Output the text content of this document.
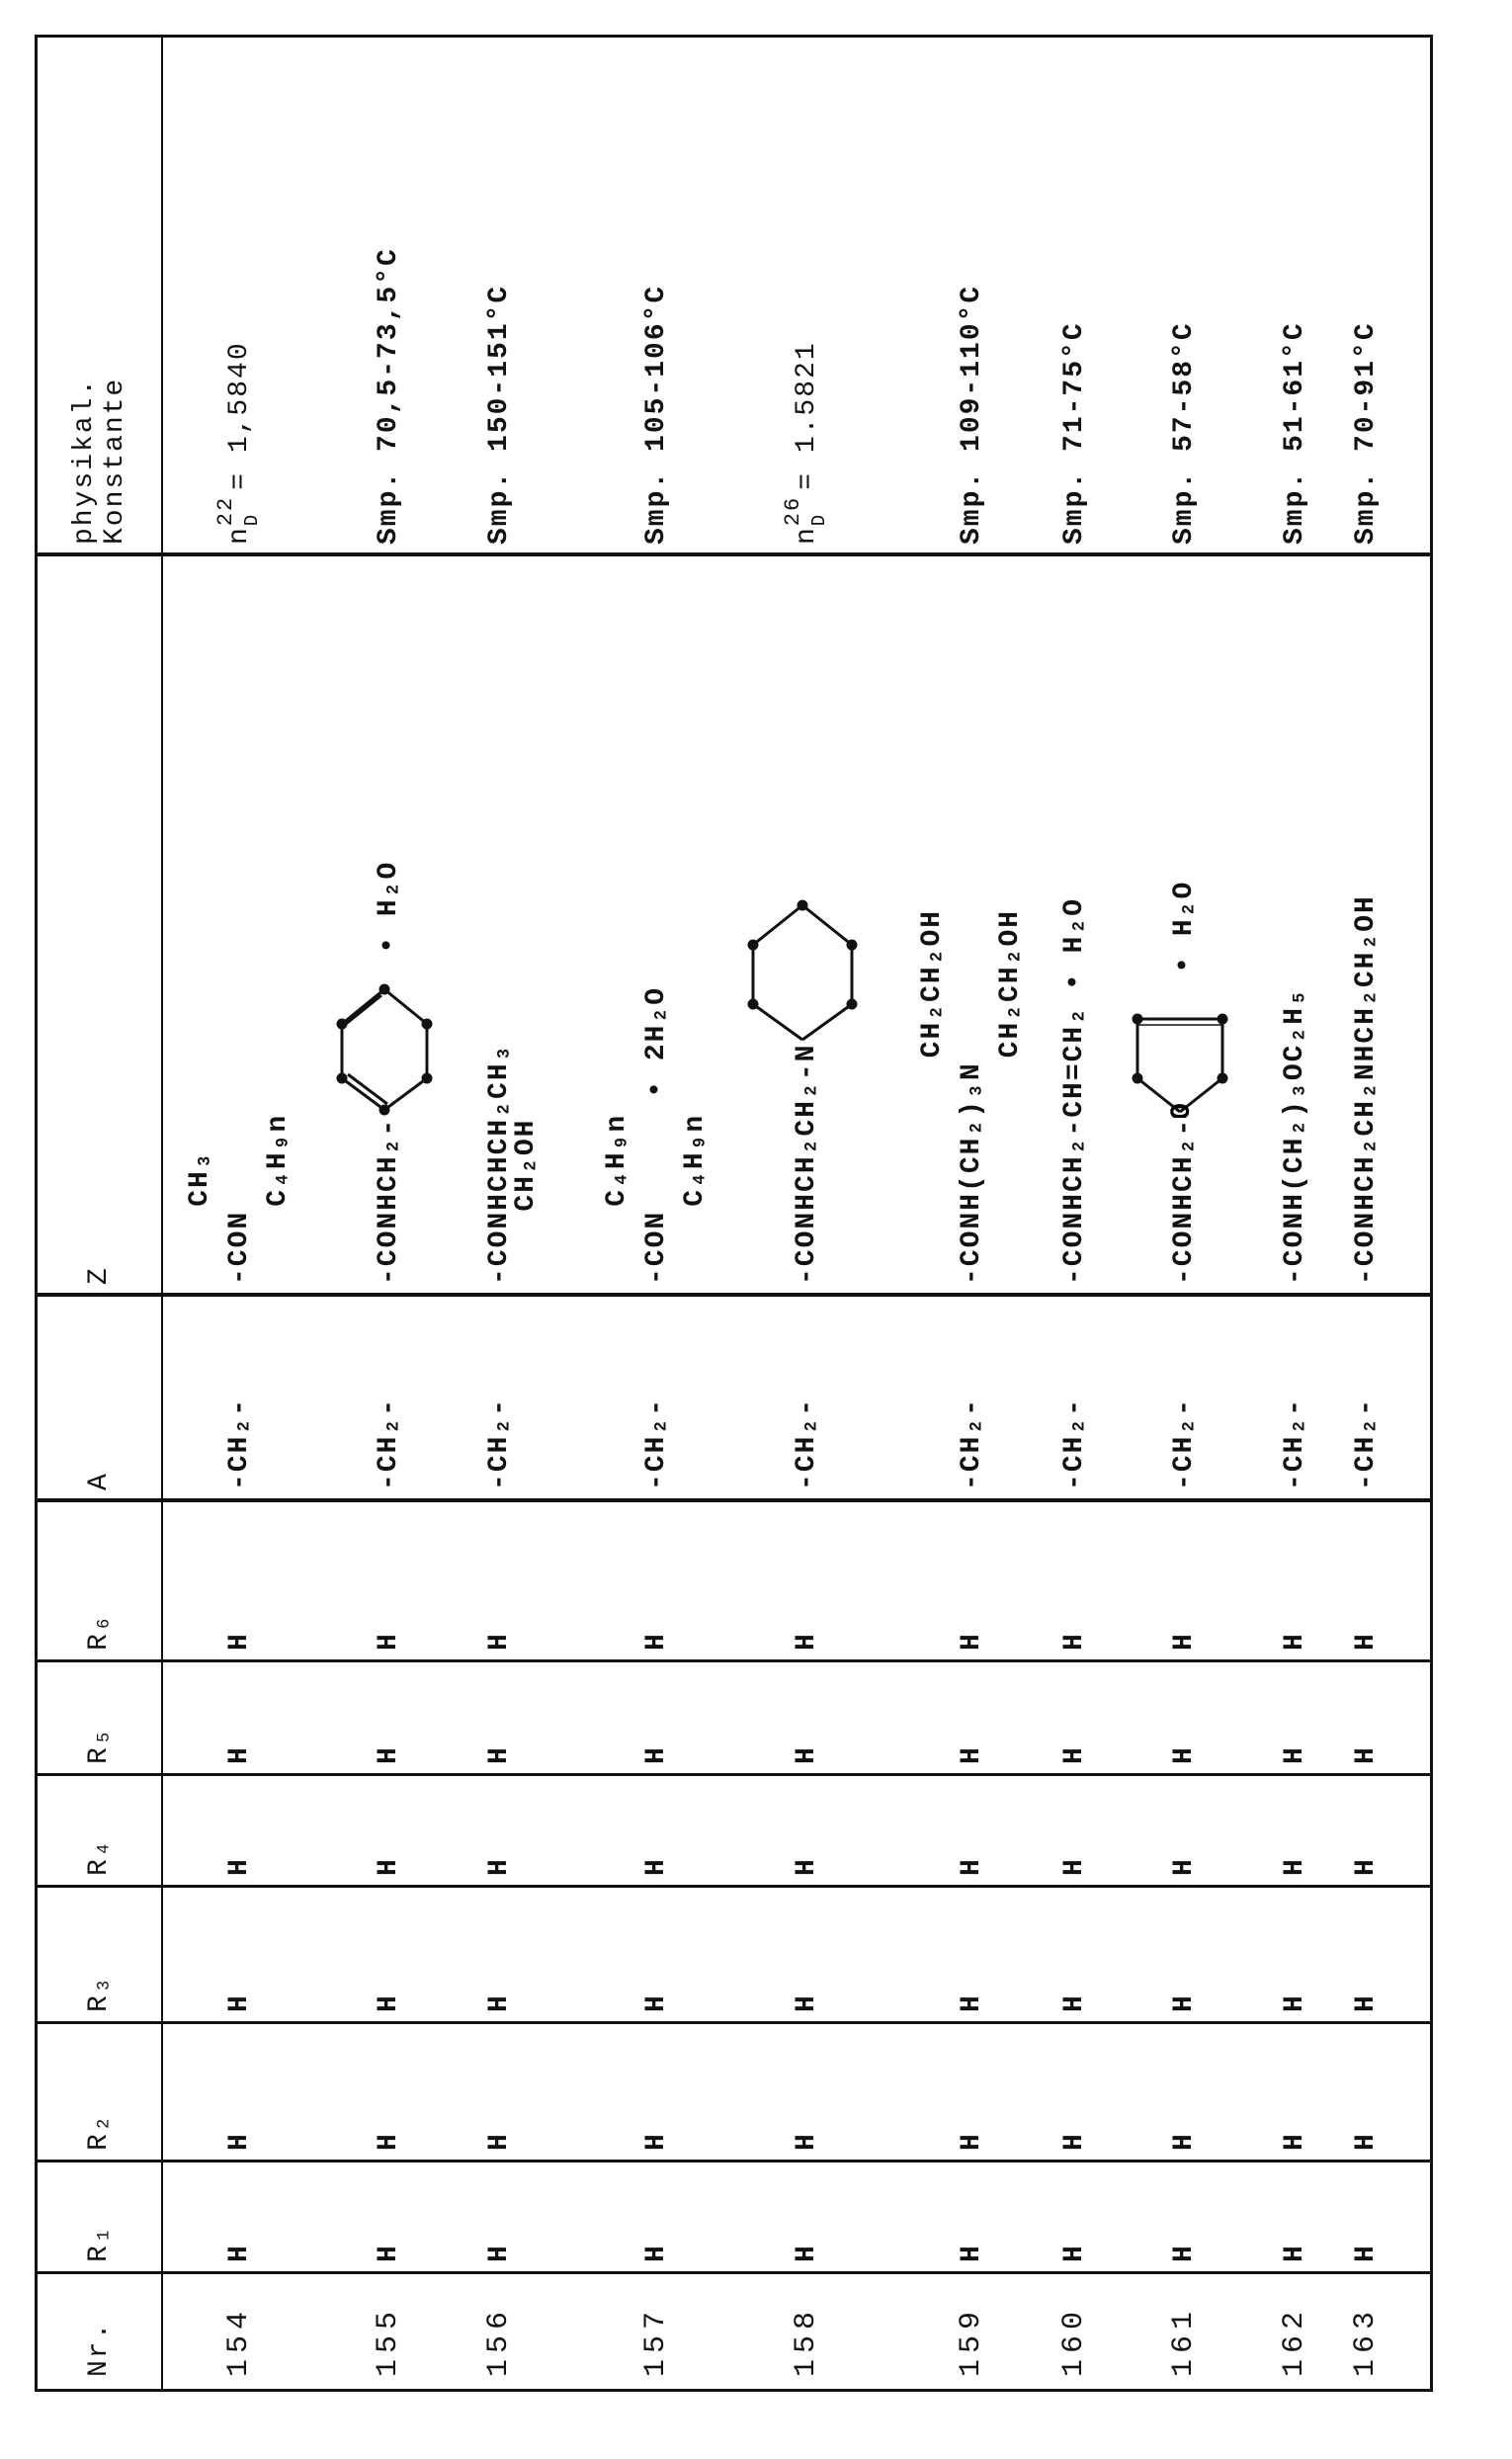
Nr.
R₁
R₂
R₃
R₄
R₅
R₆
A
Z
physikal. Konstante
154
H
H
H
H
H
H
-CH₂-
-CON
CH₃ C₄H₉n
n
22 D
= 1,5840
155
H
H
H
H
H
H
-CH₂-
-CONHCH₂-
• H₂O
Smp. 70,5-73,5°C
156
H
H
H
H
H
H
-CH₂-
-CONHCHCH₂CH₃
CH₂OH
Smp. 150-151°C
157
H
H
H
H
H
H
-CH₂-
-CON
C₄H₉n C₄H₉n
• 2H₂O
Smp. 105-106°C
158
H
H
H
H
H
H
-CH₂-
-CONHCH₂CH₂-N
n
26 D
= 1.5821
159
H
H
H
H
H
H
-CH₂-
-CONH(CH₂)₃N
CH₂CH₂OH CH₂CH₂OH
Smp. 109-110°C
160
H
H
H
H
H
H
-CH₂-
-CONHCH₂-CH=CH₂
• H₂O
Smp. 71-75°C
161
H
H
H
H
H
H
-CH₂-
-CONHCH₂-
O
• H₂O
Smp. 57-58°C
162
H
H
H
H
H
H
-CH₂-
-CONH(CH₂)₃OC₂H₅
Smp. 51-61°C
163
H
H
H
H
H
H
-CH₂-
-CONHCH₂CH₂NHCH₂CH₂OH
Smp. 70-91°C
